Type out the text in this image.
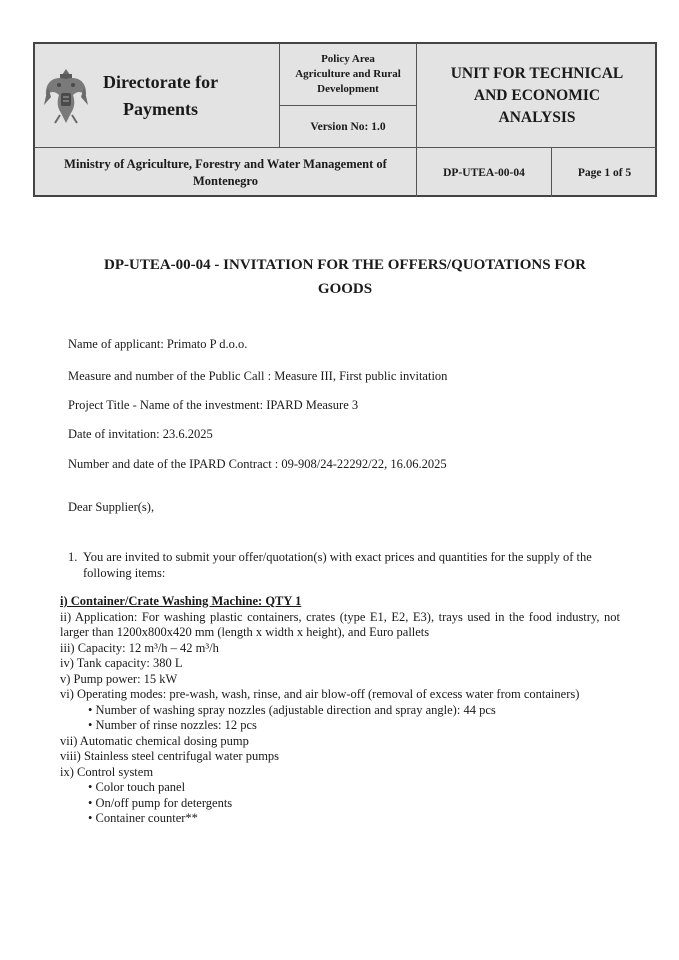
Directorate for
Payments
Policy Area
Agriculture and Rural
Development
Version No: 1.0
UNIT FOR TECHNICAL
AND ECONOMIC
ANALYSIS
Ministry of Agriculture, Forestry and Water Management of
Montenegro
DP-UTEA-00-04	Page 1 of 5
DP-UTEA-00-04 - INVITATION FOR THE OFFERS/QUOTATIONS FOR
GOODS
Name of applicant: Primato P d.o.o.
Measure and number of the Public Call : Measure III, First public invitation
Project Title - Name of the investment: IPARD Measure 3
Date of invitation: 23.6.2025
Number and date of the IPARD Contract : 09-908/24-22292/22, 16.06.2025
Dear Supplier(s),
1. You are invited to submit your offer/quotation(s) with exact prices and quantities for the supply of the following items:
i) Container/Crate Washing Machine: QTY 1

ii) Application: For washing plastic containers, crates (type E1, E2, E3), trays used in the food industry, not larger than 1200x800x420 mm (length x width x height), and Euro pallets

iii) Capacity: 12 m³/h – 42 m³/h

iv) Tank capacity: 380 L

v) Pump power: 15 kW

vi) Operating modes: pre-wash, wash, rinse, and air blow-off (removal of excess water from containers)

• Number of washing spray nozzles (adjustable direction and spray angle): 44 pcs

• Number of rinse nozzles: 12 pcs

vii) Automatic chemical dosing pump

viii) Stainless steel centrifugal water pumps

ix) Control system

• Color touch panel

• On/off pump for detergents

• Container counter**
